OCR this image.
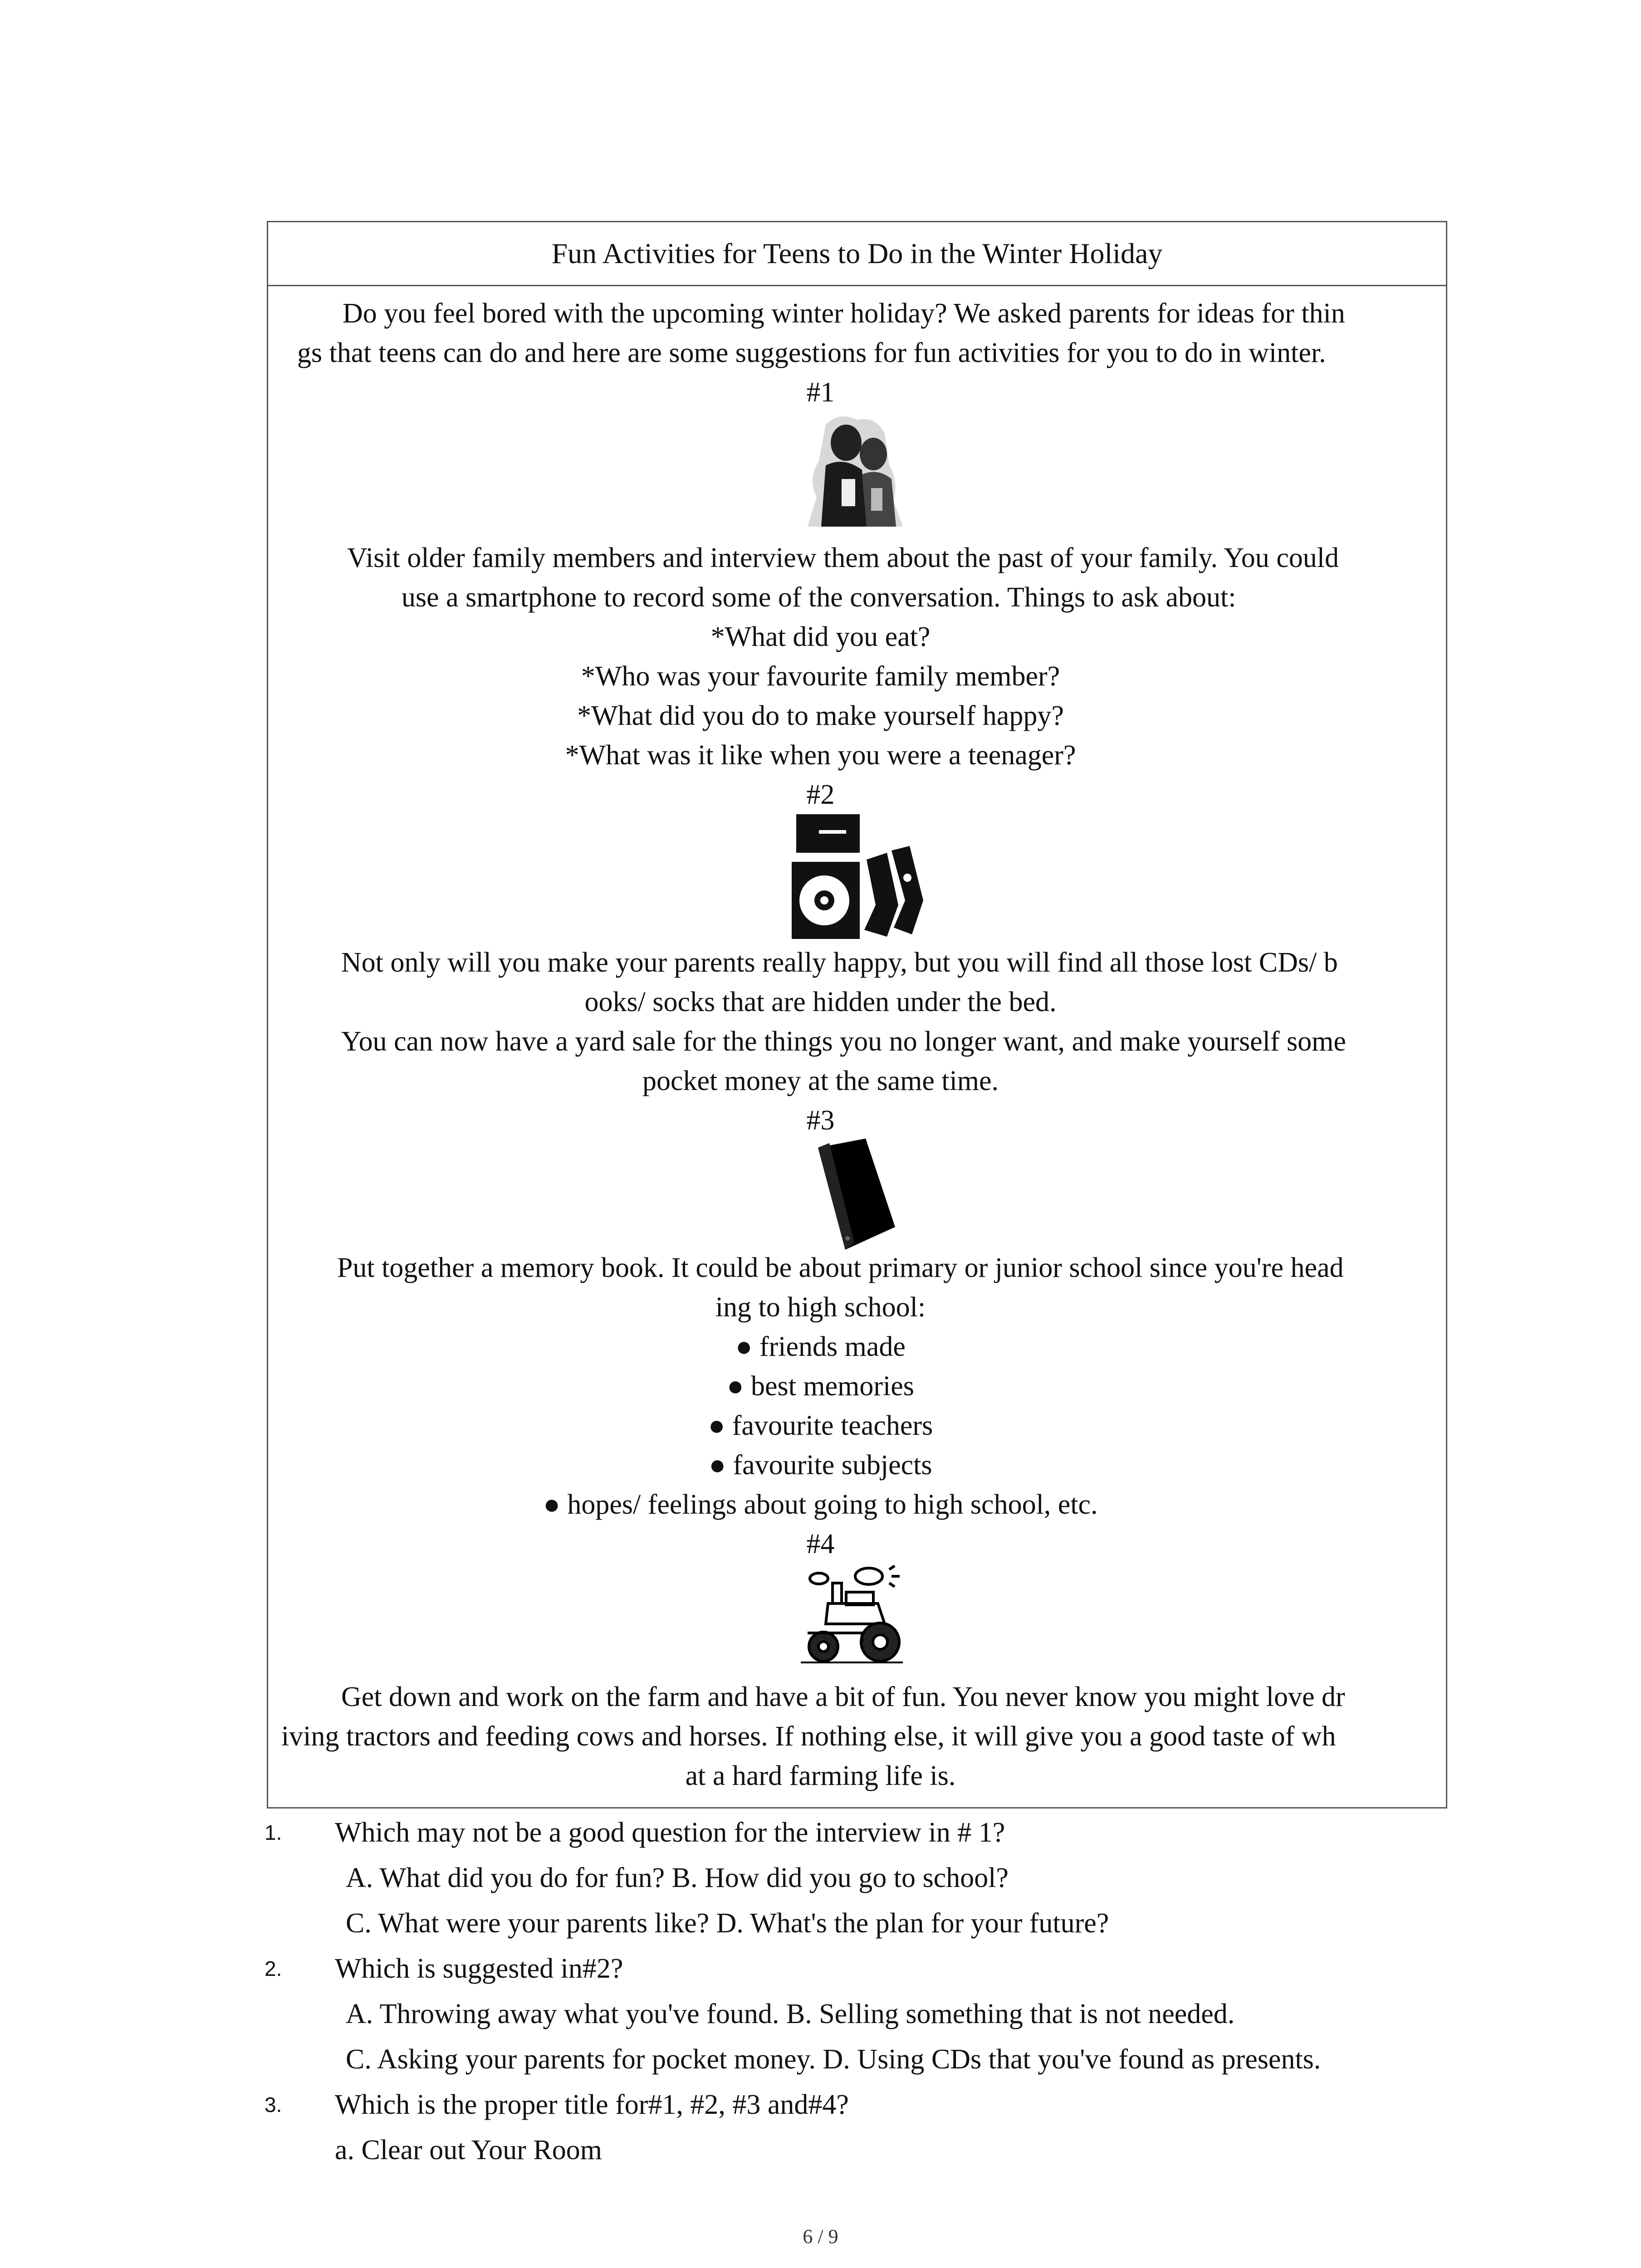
Fun Activities for Teens to Do in the Winter Holiday
Do you feel bored with the upcoming winter holiday? We asked parents for ideas for thin
gs that teens can do and here are some suggestions for fun activities for you to do in winter.
#1
Visit older family members and interview them about the past of your family. You could
use a smartphone to record some of the conversation. Things to ask about:
*What did you eat?
*Who was your favourite family member?
*What did you do to make yourself happy?
*What was it like when you were a teenager?
#2
Not only will you make your parents really happy, but you will find all those lost CDs/ b
ooks/ socks that are hidden under the bed.
You can now have a yard sale for the things you no longer want, and make yourself some
pocket money at the same time.
#3
Put together a memory book. It could be about primary or junior school since you're head
ing to high school:
● friends made
● best memories
● favourite teachers
● favourite subjects
● hopes/ feelings about going to high school, etc.
#4
Get down and work on the farm and have a bit of fun. You never know you might love dr
iving tractors and feeding cows and horses. If nothing else, it will give you a good taste of wh
at a hard farming life is.
1. Which may not be a good question for the interview in # 1?
A. What did you do for fun? B. How did you go to school?
C. What were your parents like? D. What's the plan for your future?
2. Which is suggested in#2?
A. Throwing away what you've found. B. Selling something that is not needed.
C. Asking your parents for pocket money. D. Using CDs that you've found as presents.
3. Which is the proper title for#1, #2, #3 and#4?
a. Clear out Your Room
6 / 9
